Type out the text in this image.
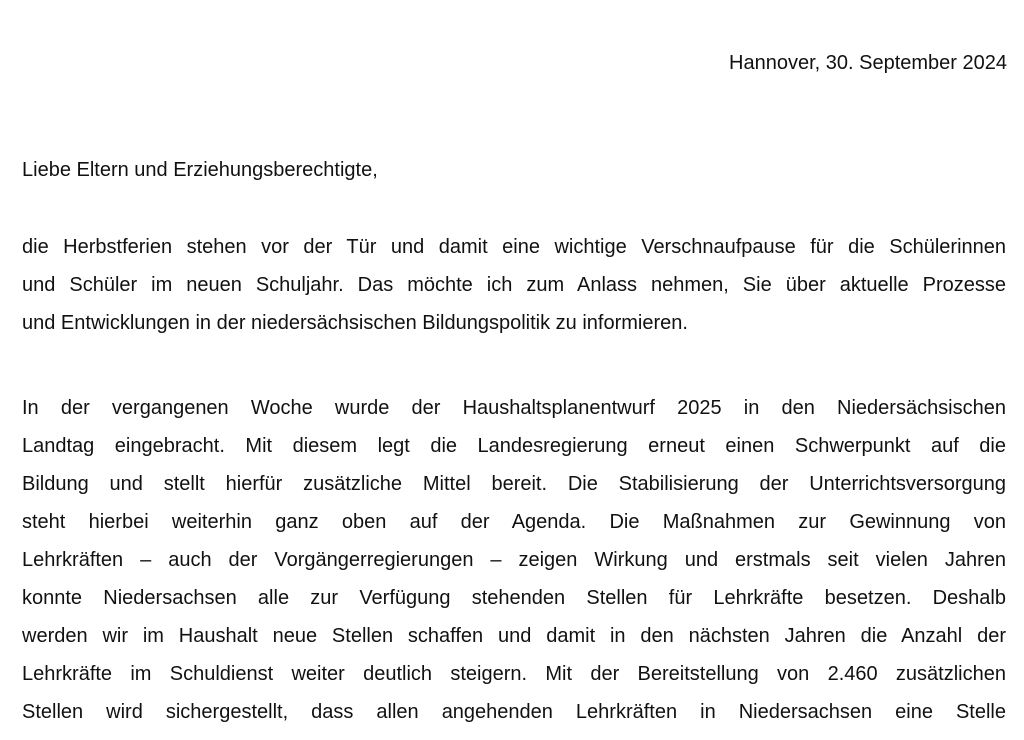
Hannover, 30. September 2024
Liebe Eltern und Erziehungsberechtigte,

die Herbstferien stehen vor der Tür und damit eine wichtige Verschnaufpause für die Schülerinnen
und Schüler im neuen Schuljahr. Das möchte ich zum Anlass nehmen, Sie über aktuelle Prozesse
und Entwicklungen in der niedersächsischen Bildungspolitik zu informieren.

In der vergangenen Woche wurde der Haushaltsplanentwurf 2025 in den Niedersächsischen
Landtag eingebracht. Mit diesem legt die Landesregierung erneut einen Schwerpunkt auf die
Bildung und stellt hierfür zusätzliche Mittel bereit. Die Stabilisierung der Unterrichtsversorgung
steht hierbei weiterhin ganz oben auf der Agenda. Die Maßnahmen zur Gewinnung von
Lehrkräften – auch der Vorgängerregierungen – zeigen Wirkung und erstmals seit vielen Jahren
konnte Niedersachsen alle zur Verfügung stehenden Stellen für Lehrkräfte besetzen. Deshalb
werden wir im Haushalt neue Stellen schaffen und damit in den nächsten Jahren die Anzahl der
Lehrkräfte im Schuldienst weiter deutlich steigern. Mit der Bereitstellung von 2.460 zusätzlichen
Stellen wird sichergestellt, dass allen angehenden Lehrkräften in Niedersachsen eine Stelle
